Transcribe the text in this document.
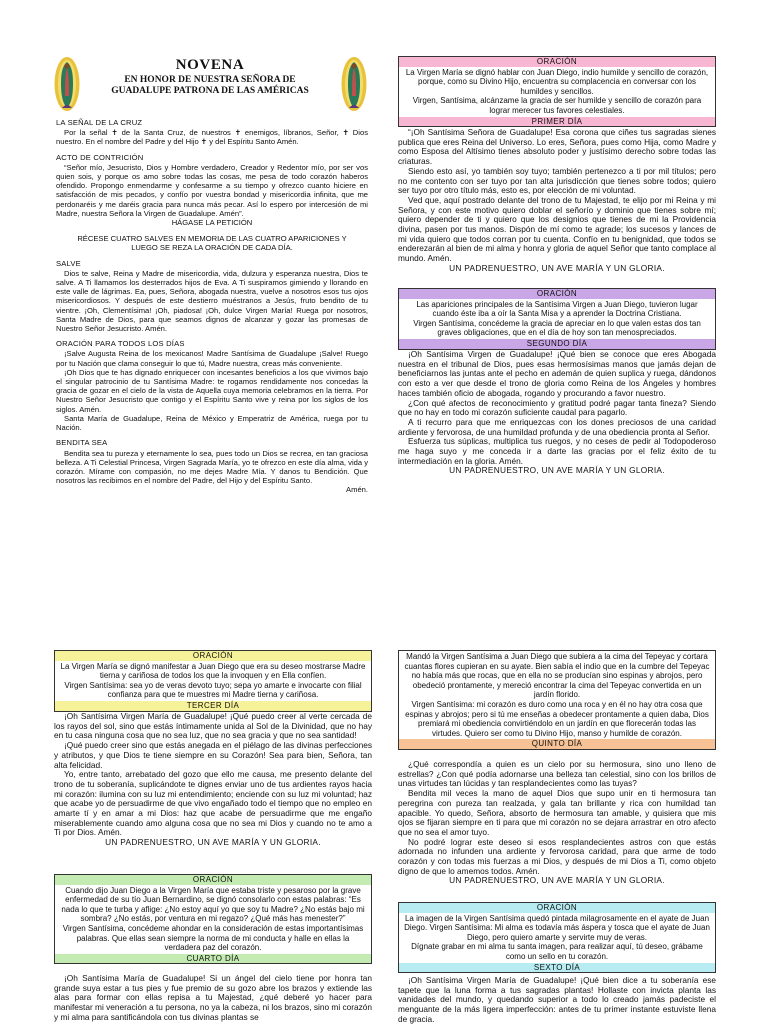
NOVENA
EN HONOR DE NUESTRA SEÑORA DE
GUADALUPE PATRONA DE LAS AMÉRICAS
LA SEÑAL DE LA CRUZ

Por la señal ✝ de la Santa Cruz, de nuestros ✝ enemigos, líbranos, Señor, ✝ Dios nuestro. En el nombre del Padre y del Hijo ✝ y del Espíritu Santo Amén.

ACTO DE CONTRICIÓN

“Señor mío, Jesucristo, Dios y Hombre verdadero, Creador y Redentor mío, por ser vos quien sois, y porque os amo sobre todas las cosas, me pesa de todo corazón haberos ofendido. Propongo enmendarme y confesarme a su tiempo y ofrezco cuanto hiciere en satisfacción de mis pecados, y confío por vuestra bondad y misericordia infinita, que me perdonaréis y me daréis gracia para nunca más pecar. Así lo espero por intercesión de mi Madre, nuestra Señora la Virgen de Guadalupe. Amén”.

HÁGASE LA PETICIÓN
RÉCESE CUATRO SALVES EN MEMORIA DE LAS CUATRO APARICIONES Y
LUEGO SE REZA LA ORACIÓN DE CADA DÍA.
SALVE

Dios te salve, Reina y Madre de misericordia, vida, dulzura y esperanza nuestra, Dios te salve. A Ti llamamos los desterrados hijos de Eva. A Ti suspiramos gimiendo y llorando en este valle de lágrimas. Ea, pues, Señora, abogada nuestra, vuelve a nosotros esos tus ojos misericordiosos. Y después de este destierro muéstranos a Jesús, fruto bendito de tu vientre. ¡Oh, Clementísima! ¡Oh, piadosa! ¡Oh, dulce Virgen María! Ruega por nosotros, Santa Madre de Dios, para que seamos dignos de alcanzar y gozar las promesas de Nuestro Señor Jesucristo. Amén.

ORACIÓN PARA TODOS LOS DÍAS

¡Salve Augusta Reina de los mexicanos! Madre Santísima de Guadalupe ¡Salve! Ruego por tu Nación que clama conseguir lo que tú, Madre nuestra, creas más conveniente.

¡Oh Dios que te has dignado enriquecer con incesantes beneficios a los que vivimos bajo el singular patrocinio de tu Santísima Madre: te rogamos rendidamente nos concedas la gracia de gozar en el cielo de la vista de Aquella cuya memoria celebramos en la tierra. Por Nuestro Señor Jesucristo que contigo y el Espíritu Santo vive y reina por los siglos de los siglos. Amén.

Santa María de Guadalupe, Reina de México y Emperatriz de América, ruega por tu Nación.

BENDITA SEA

Bendita sea tu pureza y eternamente lo sea, pues todo un Dios se recrea, en tan graciosa belleza. A Ti Celestial Princesa, Virgen Sagrada María, yo te ofrezco en este día alma, vida y corazón. Mírame con compasión, no me dejes Madre Mía. Y danos tu Bendición. Que nosotros las recibimos en el nombre del Padre, del Hijo y del Espíritu Santo.

Amén.
ORACIÓN
La Virgen María se dignó hablar con Juan Diego, indio humilde y sencillo de corazón, porque, como su Divino Hijo, encuentra su complacencia en conversar con los humildes y sencillos.
Virgen, Santísima, alcánzame la gracia de ser humilde y sencillo de corazón para lograr merecer tus favores celestiales.
PRIMER DÍA

“¡Oh Santísima Señora de Guadalupe! Esa corona que ciñes tus sagradas sienes publica que eres Reina del Universo. Lo eres, Señora, pues como Hija, como Madre y como Esposa del Altísimo tienes absoluto poder y justísimo derecho sobre todas las criaturas.

Siendo esto así, yo también soy tuyo; también pertenezco a ti por mil títulos; pero no me contento con ser tuyo por tan alta jurisdicción que tienes sobre todos; quiero ser tuyo por otro título más, esto es, por elección de mi voluntad.

Ved que, aquí postrado delante del trono de tu Majestad, te elijo por mi Reina y mi Señora, y con este motivo quiero doblar el señorío y dominio que tienes sobre mí; quiero depender de ti y quiero que los designios que tienes de mi la Providencia divina, pasen por tus manos. Dispón de mí como te agrade; los sucesos y lances de mi vida quiero que todos corran por tu cuenta. Confío en tu benignidad, que todos se enderezarán al bien de mi alma y honra y gloria de aquel Señor que tanto complace al mundo. Amén.

UN PADRENUESTRO, UN AVE MARÍA Y UN GLORIA.
ORACIÓN
Las apariciones principales de la Santísima Virgen a Juan Diego, tuvieron lugar cuando éste iba a oír la Santa Misa y a aprender la Doctrina Cristiana.
Virgen Santísima, concédeme la gracia de apreciar en lo que valen estas dos tan graves obligaciones, que en el día de hoy son tan menospreciados.
SEGUNDO DÍA

¡Oh Santísima Virgen de Guadalupe! ¡Qué bien se conoce que eres Abogada nuestra en el tribunal de Dios, pues esas hermosísimas manos que jamás dejan de beneficiarnos las juntas ante el pecho en ademán de quien suplica y ruega, dándonos con esto a ver que desde el trono de gloria como Reina de los Ángeles y hombres haces también oficio de abogada, rogando y procurando a favor nuestro.

¿Con qué afectos de reconocimiento y gratitud podré pagar tanta fineza? Siendo que no hay en todo mi corazón suficiente caudal para pagarlo.

A ti recurro para que me enriquezcas con los dones preciosos de una caridad ardiente y fervorosa, de una humildad profunda y de una obediencia pronta al Señor.

Esfuerza tus súplicas, multiplica tus ruegos, y no ceses de pedir al Todopoderoso me haga suyo y me conceda ir a darte las gracias por el feliz éxito de tu intermediación en la gloria. Amén.

UN PADRENUESTRO, UN AVE MARÍA Y UN GLORIA.
ORACIÓN
La Virgen María se dignó manifestar a Juan Diego que era su deseo mostrarse Madre tierna y cariñosa de todos los que la invoquen y en Ella confíen.
Virgen Santísima: sea yo de veras devoto tuyo; sepa yo amarte e invocarte con filial confianza para que te muestres mi Madre tierna y cariñosa.
TERCER DÍA

¡Oh Santísima Virgen María de Guadalupe! ¡Qué puedo creer al verte cercada de los rayos del sol, sino que estás íntimamente unida al Sol de la Divinidad, que no hay en tu casa ninguna cosa que no sea luz, que no sea gracia y que no sea santidad!

¡Qué puedo creer sino que estás anegada en el piélago de las divinas perfecciones y atributos, y que Dios te tiene siempre en su Corazón! Sea para bien, Señora, tan alta felicidad.

Yo, entre tanto, arrebatado del gozo que ello me causa, me presento delante del trono de tu soberanía, suplicándote te dignes enviar uno de tus ardientes rayos hacia mi corazón: ilumina con su luz mi entendimiento; enciende con su luz mi voluntad; haz que acabe yo de persuadirme de que vivo engañado todo el tiempo que no empleo en amarte tí y en amar a mi Dios: haz que acabe de persuadirme que me engaño miserablemente cuando amo alguna cosa que no sea mi Dios y cuando no te amo a Ti por Dios. Amén.

UN PADRENUESTRO, UN AVE MARÍA Y UN GLORIA.
ORACIÓN
Cuando dijo Juan Diego a la Virgen María que estaba triste y pesaroso por la grave enfermedad de su tío Juan Bernardino, se dignó consolarlo con estas palabras: “Es nada lo que te turba y aflige: ¿No estoy aquí yo que soy tu Madre? ¿No estás bajo mi sombra? ¿No estás, por ventura en mi regazo? ¿Qué más has menester?”
Virgen Santísima, concédeme ahondar en la consideración de estas importantísimas palabras. Que ellas sean siempre la norma de mi conducta y halle en ellas la verdadera paz del corazón.
CUARTO DÍA

¡Oh Santísima María de Guadalupe! Si un ángel del cielo tiene por honra tan grande suya estar a tus pies y fue premio de su gozo abre los brazos y extiende las alas para formar con ellas repisa a tu Majestad, ¿qué deberé yo hacer para manifestar mi veneración a tu persona, no ya la cabeza, ni los brazos, sino mi corazón y mi alma para santificándola con tus divinas plantas se

Mandó la Virgen Santísima a Juan Diego que subiera a la cima del Tepeyac y cortara cuantas flores cupieran en su ayate. Bien sabía el indio que en la cumbre del Tepeyac no había más que rocas, que en ella no se producían sino espinas y abrojos, pero obedeció prontamente, y mereció encontrar la cima del Tepeyac convertida en un jardín florido.
Virgen Santísima: mi corazón es duro como una roca y en él no hay otra cosa que espinas y abrojos; pero si tú me enseñas a obedecer prontamente a quien daba, Dios premiará mi obediencia convirtiéndolo en un jardín en que florecerán todas las virtudes. Quiero ser como tu Divino Hijo, manso y humilde de corazón.
QUINTO DÍA

¿Qué correspondía a quien es un cielo por su hermosura, sino uno lleno de estrellas? ¿Con qué podía adornarse una belleza tan celestial, sino con los brillos de unas virtudes tan lúcidas y tan resplandecientes como las tuyas?

Bendita mil veces la mano de aquel Dios que supo unir en ti hermosura tan peregrina con pureza tan realzada, y gala tan brillante y rica con humildad tan apacible. Yo quedo, Señora, absorto de hermosura tan amable, y quisiera que mis ojos se fijaran siempre en ti para que mi corazón no se dejara arrastrar en otro afecto que no sea el amor tuyo.

No podré lograr este deseo si esos resplandecientes astros con que estás adornada no infunden una ardiente y fervorosa caridad, para que arme de todo corazón y con todas mis fuerzas a mi Dios, y después de mi Dios a Ti, como objeto digno de que lo amemos todos. Amén.

UN PADRENUESTRO, UN AVE MARÍA Y UN GLORIA.
ORACIÓN
La imagen de la Virgen Santísima quedó pintada milagrosamente en el ayate de Juan Diego. Virgen Santísima: Mi alma es todavía más áspera y tosca que el ayate de Juan Diego, pero quiero amarte y servirte muy de veras.
Dígnate grabar en mi alma tu santa imagen, para realizar aquí, tú deseo, grábame como un sello en tu corazón.
SEXTO DÍA

¡Oh Santísima Virgen María de Guadalupe! ¡Qué bien dice a tu soberanía ese tapete que la luna forma a tus sagradas plantas! Hollaste con invicta planta las vanidades del mundo, y quedando superior a todo lo creado jamás padeciste el menguante de la más ligera imperfección: antes de tu primer instante estuviste llena de gracia.
